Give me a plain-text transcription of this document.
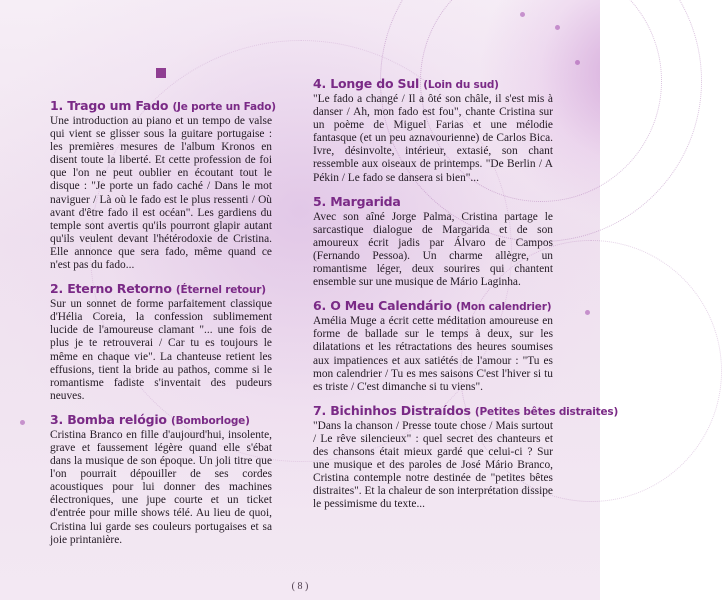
1. Trago um Fado (Je porte un Fado)

Une introduction au piano et un tempo de valse qui vient se glisser sous la guitare portugaise : les premières mesures de l'album Kronos en disent toute la liberté. Et cette profession de foi que l'on ne peut oublier en écoutant tout le disque : "Je porte un fado caché / Dans le mot naviguer / Là où le fado est le plus ressenti / Où avant d'être fado il est océan". Les gardiens du temple sont avertis qu'ils pourront glapir autant qu'ils veulent devant l'hétérodoxie de Cristina. Elle annonce que sera fado, même quand ce n'est pas du fado...

2. Eterno Retorno (Éternel retour)

Sur un sonnet de forme parfaitement classique d'Hélia Coreia, la confession sublimement lucide de l'amoureuse clamant "... une fois de plus je te retrouverai / Car tu es toujours le même en chaque vie". La chanteuse retient les effusions, tient la bride au pathos, comme si le romantisme fadiste s'inventait des pudeurs neuves.

3. Bomba relógio (Bomborloge)

Cristina Branco en fille d'aujourd'hui, insolente, grave et faussement légère quand elle s'ébat dans la musique de son époque. Un joli titre que l'on pourrait dépouiller de ses cordes acoustiques pour lui donner des machines électroniques, une jupe courte et un ticket d'entrée pour mille shows télé. Au lieu de quoi, Cristina lui garde ses couleurs portugaises et sa joie printanière.

4. Longe do Sul (Loin du sud)

"Le fado a changé / Il a ôté son châle, il s'est mis à danser / Ah, mon fado est fou", chante Cristina sur un poème de Miguel Farias et une mélodie fantasque (et un peu aznavourienne) de Carlos Bica. Ivre, désinvolte, intérieur, extasié, son chant ressemble aux oiseaux de printemps. "De Berlin / A Pékin / Le fado se dansera si bien"...

5. Margarida

Avec son aîné Jorge Palma, Cristina partage le sarcastique dialogue de Margarida et de son amoureux écrit jadis par Álvaro de Campos (Fernando Pessoa). Un charme allègre, un romantisme léger, deux sourires qui chantent ensemble sur une musique de Mário Laginha.

6. O Meu Calendário (Mon calendrier)

Amélia Muge a écrit cette méditation amoureuse en forme de ballade sur le temps à deux, sur les dilatations et les rétractations des heures soumises aux impatiences et aux satiétés de l'amour : "Tu es mon calendrier / Tu es mes saisons C'est l'hiver si tu es triste / C'est dimanche si tu viens".

7. Bichinhos Distraídos (Petites bêtes distraites)

"Dans la chanson / Presse toute chose / Mais surtout / Le rêve silencieux" : quel secret des chanteurs et des chansons était mieux gardé que celui-ci ? Sur une musique et des paroles de José Mário Branco, Cristina contemple notre destinée de "petites bêtes distraites". Et la chaleur de son interprétation dissipe le pessimisme du texte...

( 8 )
